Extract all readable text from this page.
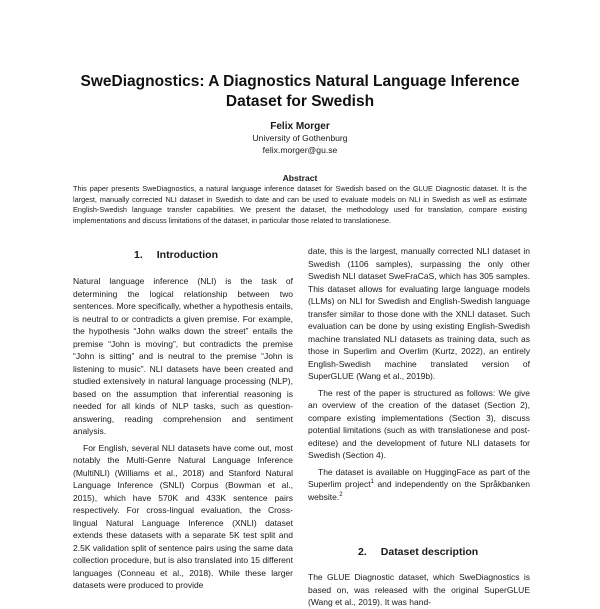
SweDiagnostics: A Diagnostics Natural Language Inference
Dataset for Swedish
Felix Morger
University of Gothenburg
felix.morger@gu.se
Abstract
This paper presents SweDiagnostics, a natural language inference dataset for Swedish based on the GLUE Diagnostic dataset. It is the largest, manually corrected NLI dataset in Swedish to date and can be used to evaluate models on NLI in Swedish as well as estimate English-Swedish language transfer capabilities. We present the dataset, the methodology used for translation, compare existing implementations and discuss limitations of the dataset, in particular those related to translationese.
1. Introduction

Natural language inference (NLI) is the task of determining the logical relationship between two sentences. More specifically, whether a hypothesis entails, is neutral to or contradicts a given premise. For example, the hypothesis “John walks down the street” entails the premise “John is moving”, but contradicts the premise “John is sitting” and is neutral to the premise “John is listening to music”. NLI datasets have been created and studied extensively in natural language processing (NLP), based on the assumption that inferential reasoning is needed for all kinds of NLP tasks, such as question-answering, reading comprehension and sentiment analysis.

For English, several NLI datasets have come out, most notably the Multi-Genre Natural Language Inference (MultiNLI) (Williams et al., 2018) and Stanford Natural Language Inference (SNLI) Corpus (Bowman et al., 2015), which have 570K and 433K sentence pairs respectively. For cross-lingual evaluation, the Cross-lingual Natural Language Inference (XNLI) dataset extends these datasets with a separate 5K test split and 2.5K validation split of sentence pairs using the same data collection procedure, but is also translated into 15 different languages (Conneau et al., 2018). While these larger datasets were produced to provide

date, this is the largest, manually corrected NLI dataset in Swedish (1106 samples), surpassing the only other Swedish NLI dataset SweFraCaS, which has 305 samples. This dataset allows for evaluating large language models (LLMs) on NLI for Swedish and English-Swedish language transfer similar to those done with the XNLI dataset. Such evaluation can be done by using existing English-Swedish machine translated NLI datasets as training data, such as those in Superlim and Overlim (Kurtz, 2022), an entirely English-Swedish machine translated version of SuperGLUE (Wang et al., 2019b).

The rest of the paper is structured as follows: We give an overview of the creation of the dataset (Section 2), compare existing implementations (Section 3), discuss potential limitations (such as with translationese and post-editese) and the development of future NLI datasets for Swedish (Section 4).

The dataset is available on HuggingFace as part of the Superlim project$^1$ and independently on the Språkbanken website.$^2$

2. Dataset description

The GLUE Diagnostic dataset, which SweDiagnostics is based on, was released with the original SuperGLUE (Wang et al., 2019). It was hand-
